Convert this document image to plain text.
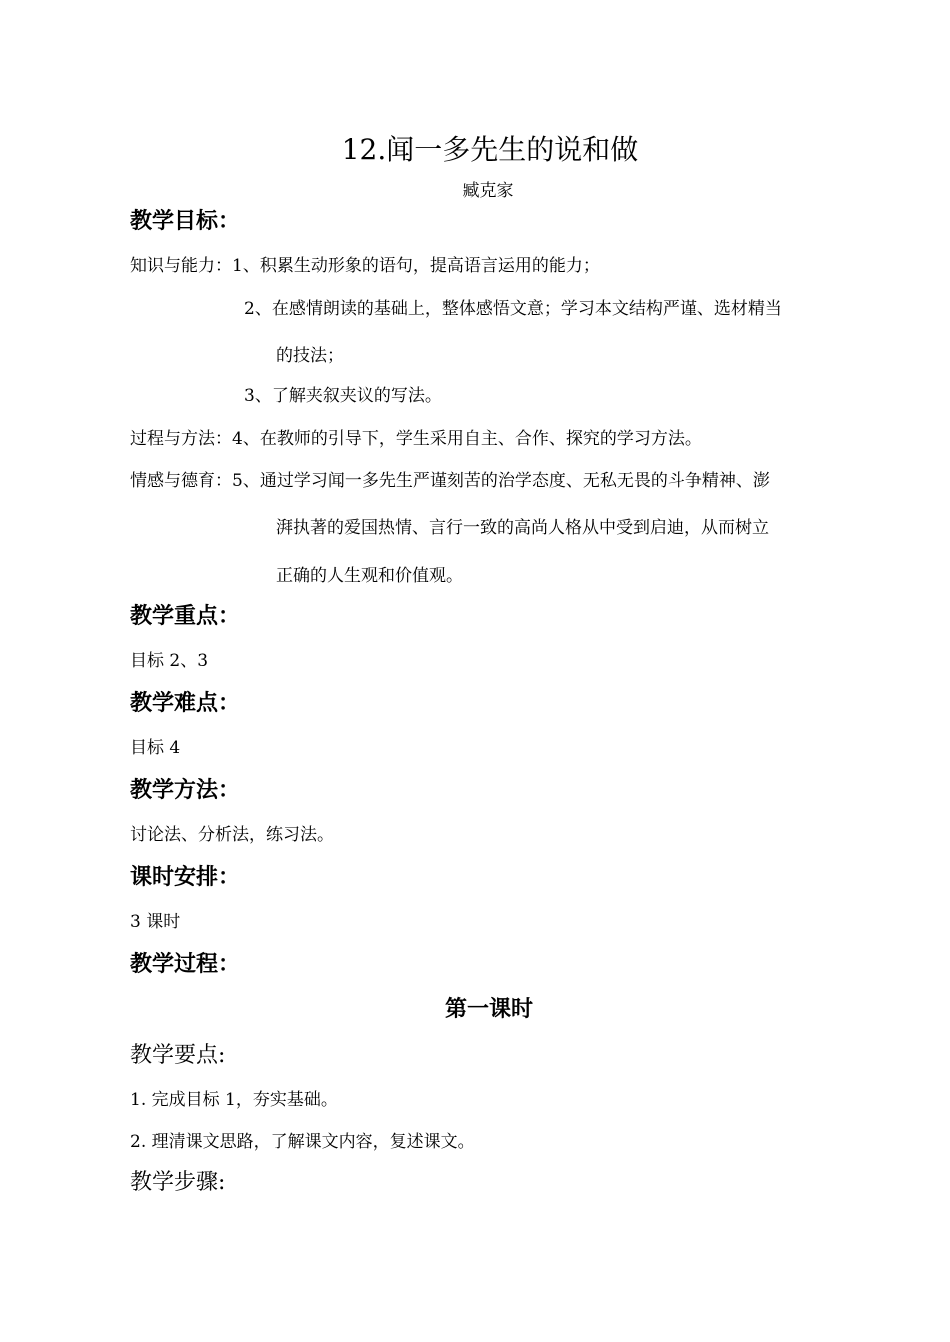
12.闻一多先生的说和做
臧克家
教学目标：
知识与能力：1、积累生动形象的语句，提高语言运用的能力；
2、在感情朗读的基础上，整体感悟文意；学习本文结构严谨、选材精当
的技法；
3、了解夹叙夹议的写法。
过程与方法：4、在教师的引导下，学生采用自主、合作、探究的学习方法。
情感与德育：5、通过学习闻一多先生严谨刻苦的治学态度、无私无畏的斗争精神、澎
湃执著的爱国热情、言行一致的高尚人格从中受到启迪，从而树立
正确的人生观和价值观。
教学重点：
目标 2、3
教学难点：
目标 4
教学方法：
讨论法、分析法，练习法。
课时安排：
3 课时
教学过程：
第一课时
教学要点:
1. 完成目标 1，夯实基础。
2. 理清课文思路，了解课文内容，复述课文。
教学步骤:
